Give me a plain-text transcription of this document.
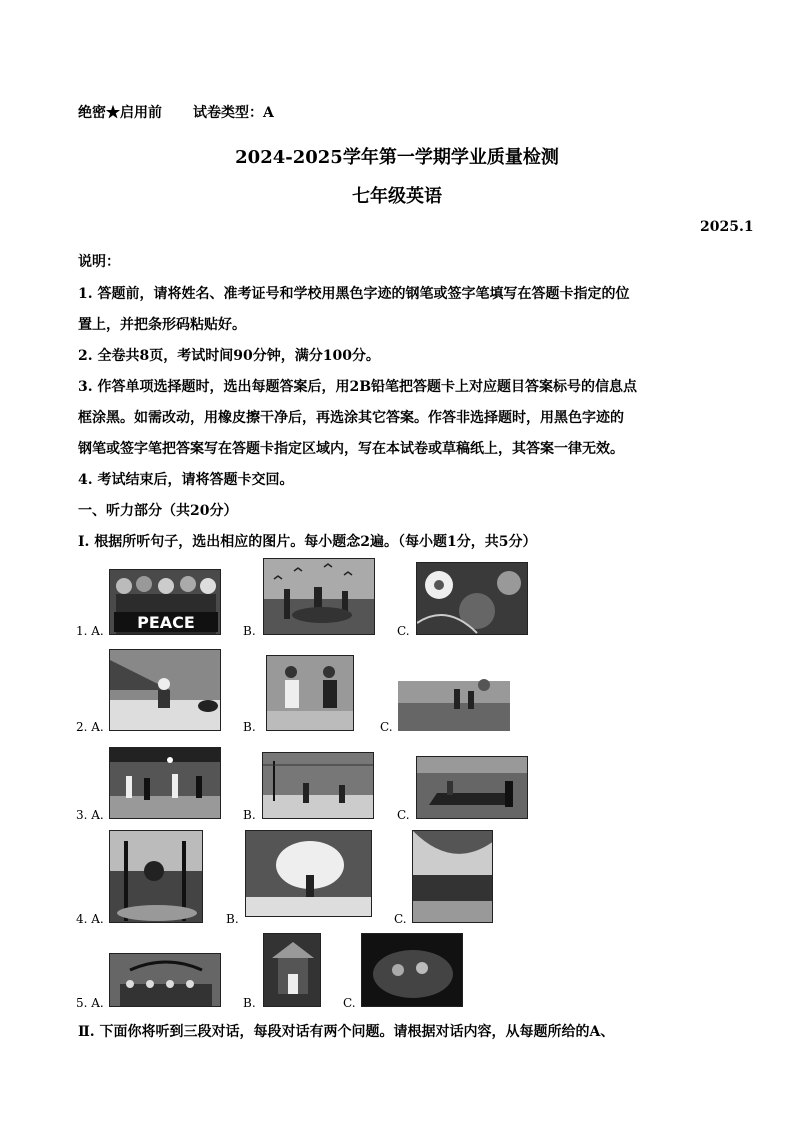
绝密★启用前 试卷类型：A
2024-2025学年第一学期学业质量检测
七年级英语
2025.1
说明：
1. 答题前，请将姓名、准考证号和学校用黑色字迹的钢笔或签字笔填写在答题卡指定的位
置上，并把条形码粘贴好。
2. 全卷共8页，考试时间90分钟，满分100分。
3. 作答单项选择题时，选出每题答案后，用2B铅笔把答题卡上对应题目答案标号的信息点
框涂黑。如需改动，用橡皮擦干净后，再选涂其它答案。作答非选择题时，用黑色字迹的
钢笔或签字笔把答案写在答题卡指定区域内，写在本试卷或草稿纸上，其答案一律无效。
4. 考试结束后，请将答题卡交回。
一、听力部分（共20分）
Ⅰ. 根据所听句子，选出相应的图片。每小题念2遍。（每小题1分，共5分）
1. A. PEACE	B.	C.
2. A.	B.	C.
3. A.	B.	C.
4. A.	B.	C.
5. A.	B.	C.
Ⅱ. 下面你将听到三段对话，每段对话有两个问题。请根据对话内容，从每题所给的A、
